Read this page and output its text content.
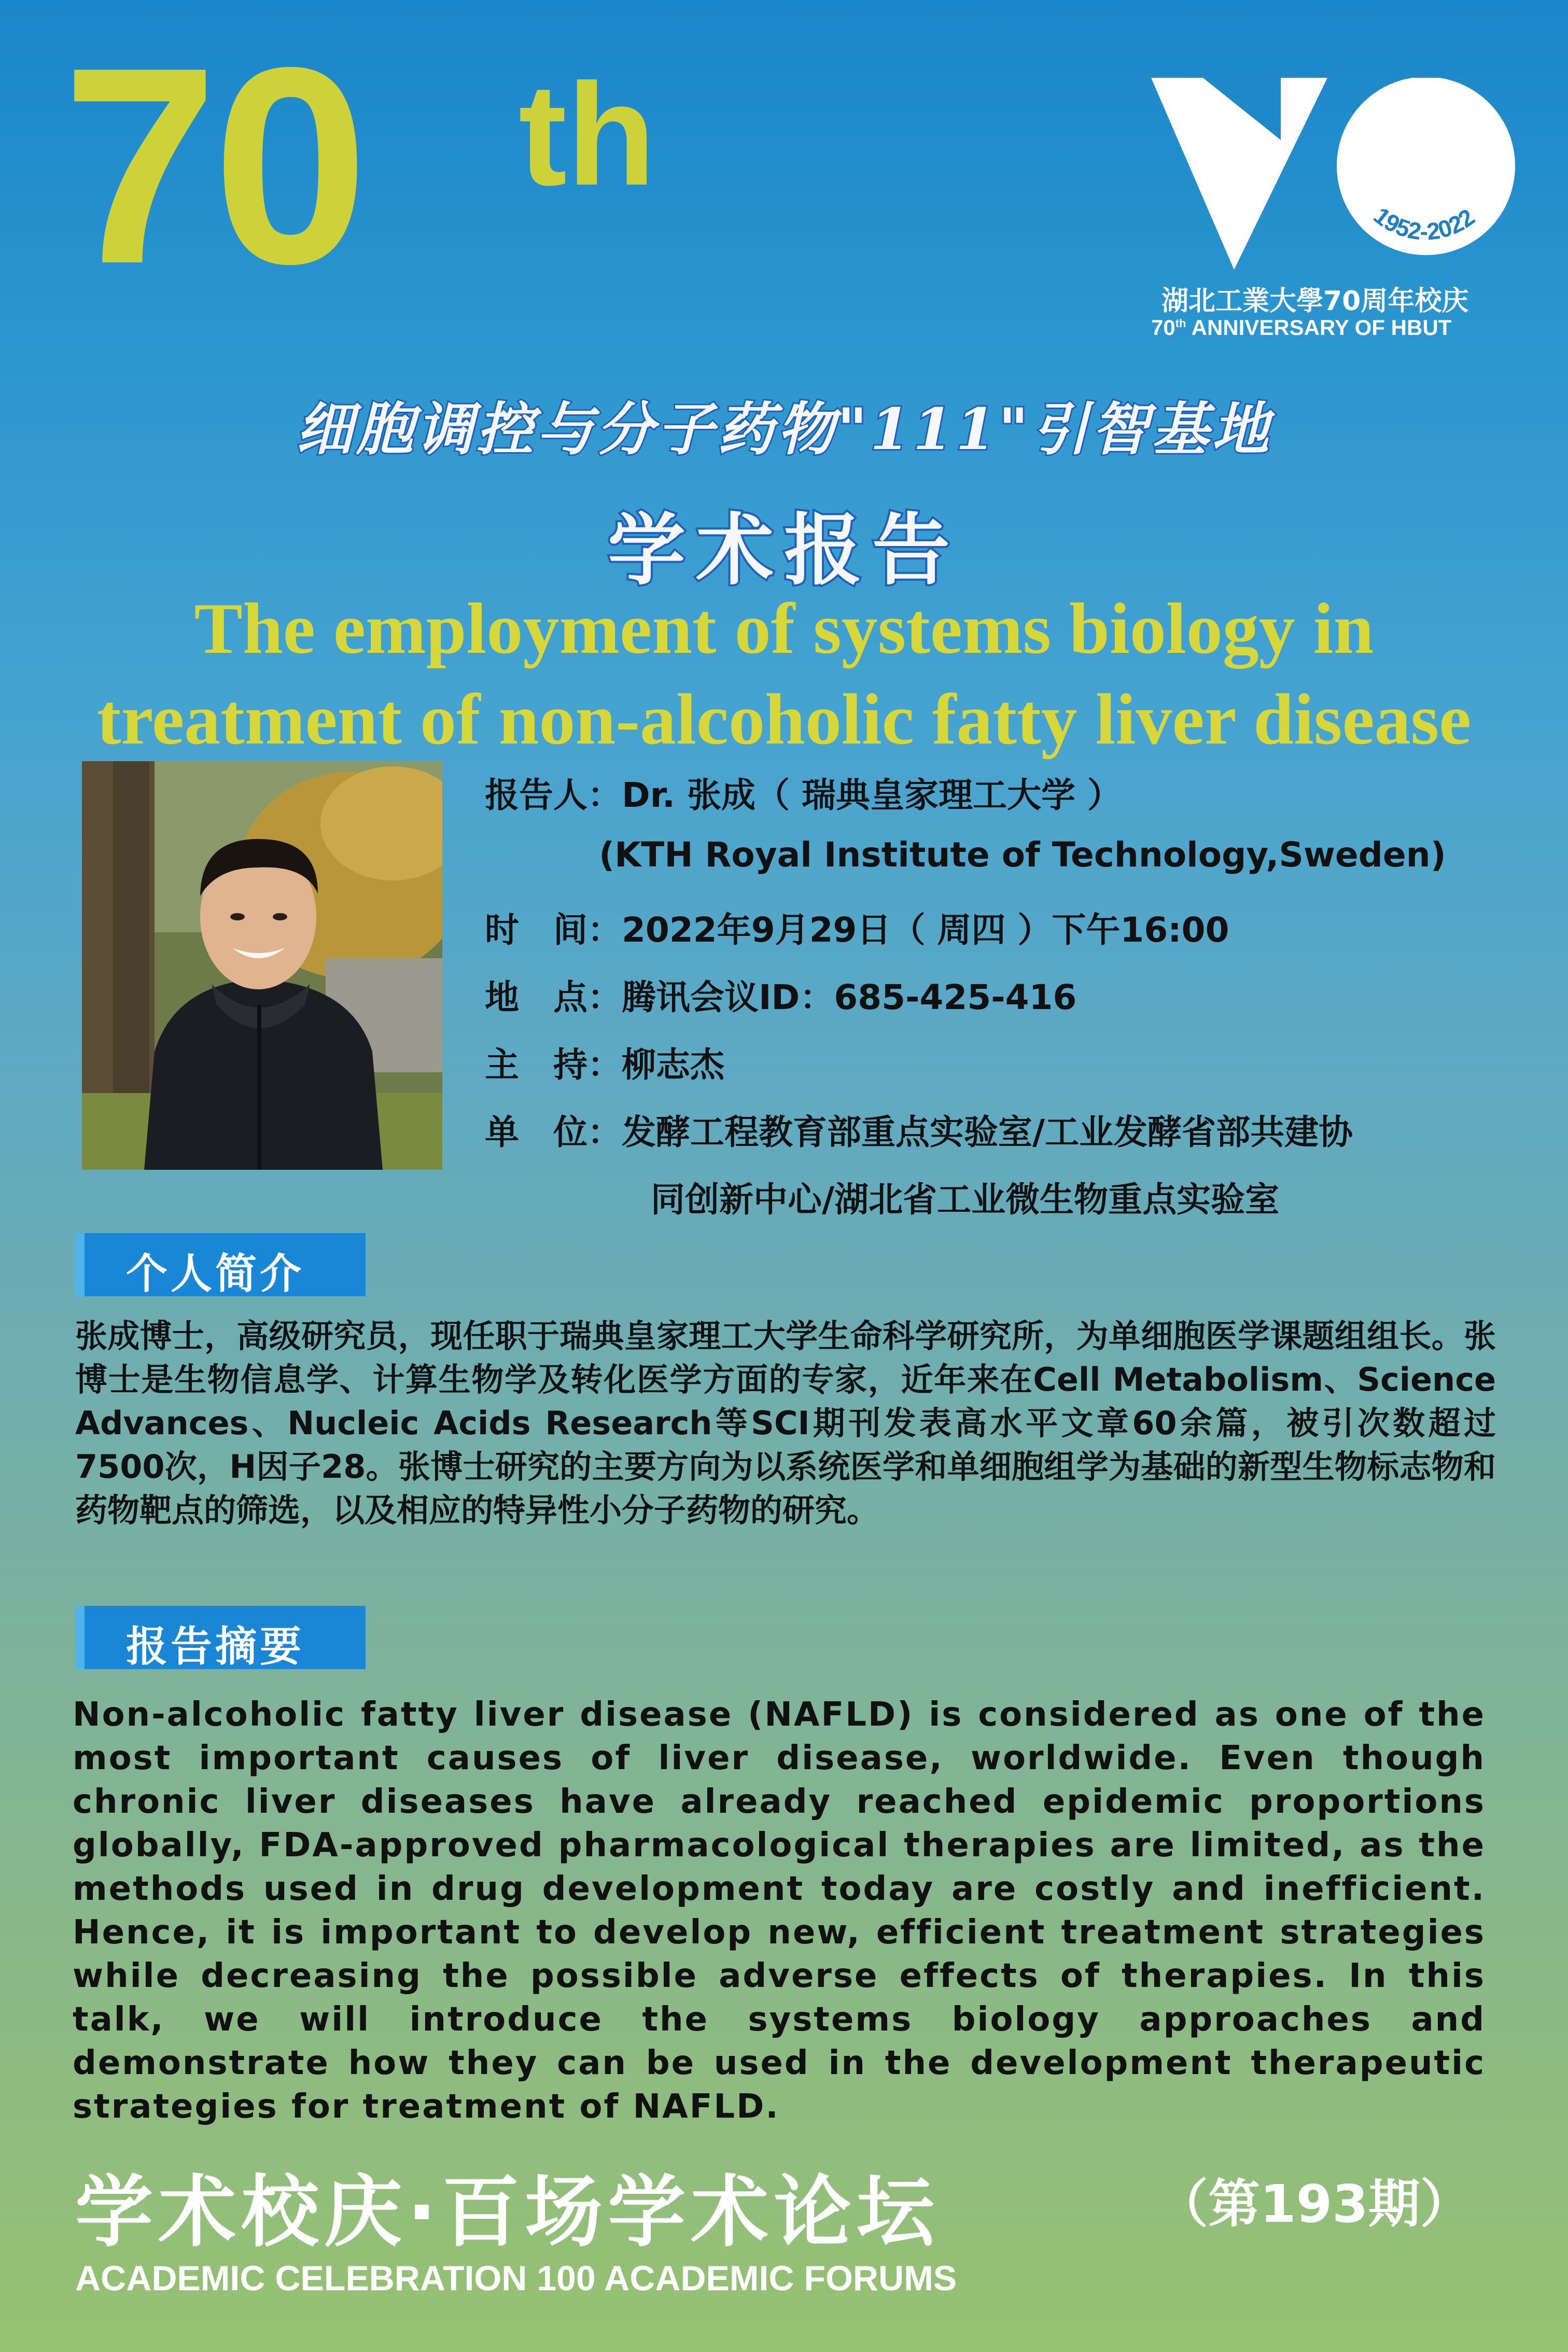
70 th
1952-2022
湖北工業大學70周年校庆
70th ANNIVERSARY OF HBUT
细胞调控与分子药物"111"引智基地
学术报告
The employment of systems biology in
treatment of non-alcoholic fatty liver disease
报告人：Dr. 张成（ 瑞典皇家理工大学 ）
(KTH Royal Institute of Technology,Sweden)
时　间：2022年9月29日（ 周四 ）下午16:00
地　点：腾讯会议ID：685-425-416
主　持：柳志杰
单　位：发酵工程教育部重点实验室/工业发酵省部共建协
同创新中心/湖北省工业微生物重点实验室
个人简介
张成博士，高级研究员，现任职于瑞典皇家理工大学生命科学研究所，为单细胞医学课题组组长。张博士是生物信息学、计算生物学及转化医学方面的专家，近年来在Cell Metabolism、Science Advances、Nucleic Acids Research等SCI期刊发表高水平文章60余篇，被引次数超过7500次，H因子28。张博士研究的主要方向为以系统医学和单细胞组学为基础的新型生物标志物和药物靶点的筛选，以及相应的特异性小分子药物的研究。
报告摘要
Non-alcoholic fatty liver disease (NAFLD) is considered as one of the most important causes of liver disease, worldwide. Even though chronic liver diseases have already reached epidemic proportions globally, FDA-approved pharmacological therapies are limited, as the methods used in drug development today are costly and inefficient. Hence, it is important to develop new, efficient treatment strategies while decreasing the possible adverse effects of therapies. In this talk, we will introduce the systems biology approaches and demonstrate how they can be used in the development therapeutic strategies for treatment of NAFLD.
学术校庆·百场学术论坛	（第193期）
ACADEMIC CELEBRATION 100 ACADEMIC FORUMS
